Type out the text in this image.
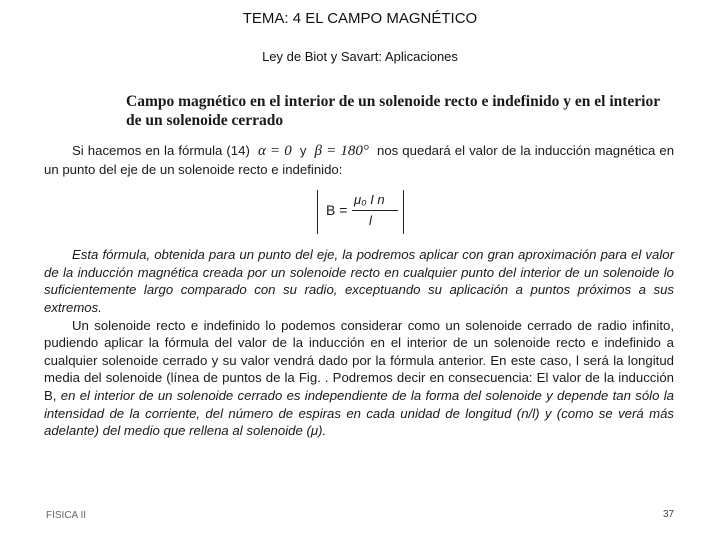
TEMA: 4 EL CAMPO MAGNÉTICO
Ley de Biot y Savart: Aplicaciones

Campo magnético en el interior de un solenoide recto e indefinido y en el interior de un solenoide cerrado

Si hacemos en la fórmula (14) α = 0 y β = 180° nos quedará el valor de la inducción magnética en un punto del eje de un solenoide recto e indefinido:

B =
μ₀ I n
l

Esta fórmula, obtenida para un punto del eje, la podremos aplicar con gran aproximación para el valor de la inducción magnética creada por un solenoide recto en cualquier punto del interior de un solenoide lo suficientemente largo comparado con su radio, exceptuando su aplicación a puntos próximos a sus extremos.

Un solenoide recto e indefinido lo podemos considerar como un solenoide cerrado de radio infinito, pudiendo aplicar la fórmula del valor de la inducción en el interior de un solenoide recto e indefinido a cualquier solenoide cerrado y su valor vendrá dado por la fórmula anterior. En este caso, l será la longitud media del solenoide (línea de puntos de la Fig. . Podremos decir en consecuencia: El valor de la inducción B, en el interior de un solenoide cerrado es independiente de la forma del solenoide y depende tan sólo la intensidad de la corriente, del número de espiras en cada unidad de longitud (n/l) y (como se verá más adelante) del medio que rellena al solenoide (μ).

FISICA II	37
